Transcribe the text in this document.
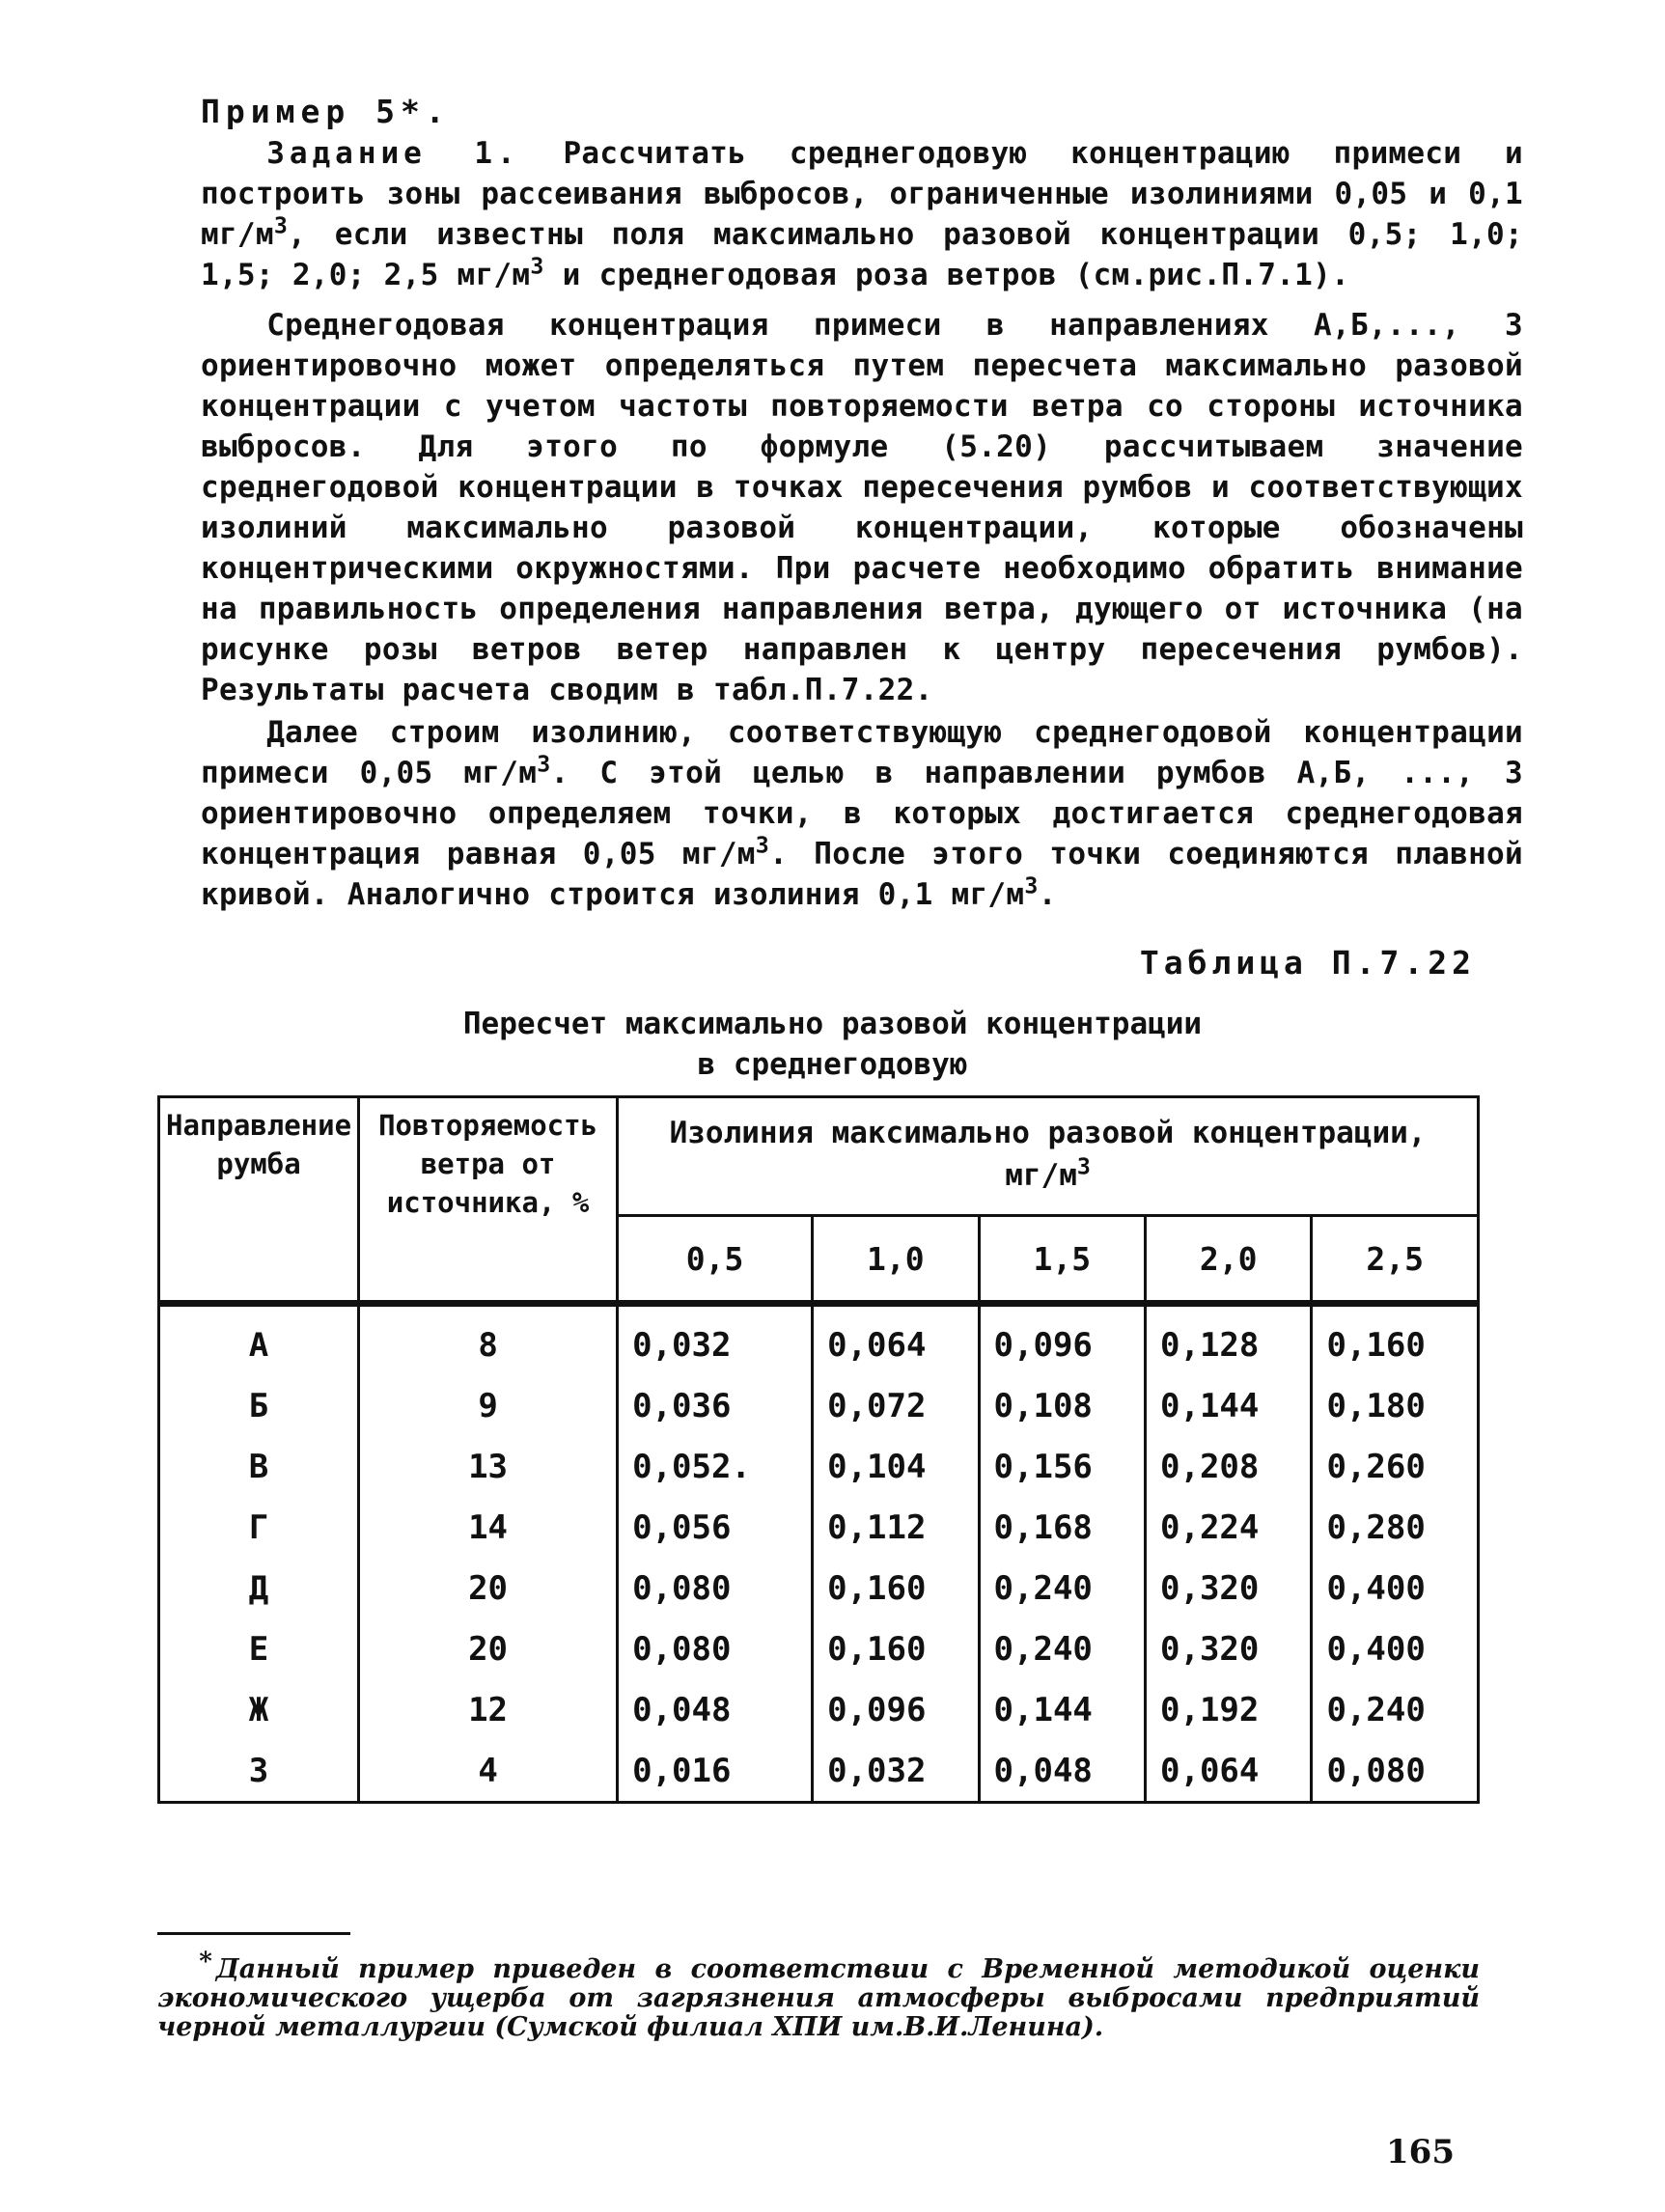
Пример 5*.

Задание 1. Рассчитать среднегодовую концентрацию примеси и построить зоны рассеивания выбросов, ограниченные изолиниями 0,05 и 0,1 $мг/м^3$, если известны поля максимально разовой концентрации 0,5; 1,0; 1,5; 2,0; 2,5 $мг/м^3$ и среднегодовая роза ветров (см.рис.П.7.1).

Среднегодовая концентрация примеси в направлениях А,Б,..., З ориентировочно может определяться путем пересчета максимально разовой концентрации с учетом частоты повторяемости ветра со стороны источника выбросов. Для этого по формуле (5.20) рассчитываем значение среднегодовой концентрации в точках пересечения румбов и соответствующих изолиний максимально разовой концентрации, которые обозначены концентрическими окружностями. При расчете необходимо обратить внимание на правильность определения направления ветра, дующего от источника (на рисунке розы ветров ветер направлен к центру пересечения румбов). Результаты расчета сводим в табл.П.7.22.

Далее строим изолинию, соответствующую среднегодовой концентрации примеси 0,05 $мг/м^3$. С этой целью в направлении румбов А,Б, ..., З ориентировочно определяем точки, в которых достигается среднегодовая концентрация равная 0,05 $мг/м^3$. После этого точки соединяются плавной кривой. Аналогично строится изолиния 0,1 $мг/м^3$.

Таблица П.7.22
Пересчет максимально разовой концентрации
в среднегодовую
Направление румба	Повторяемость ветра от источника, %	Изолиния максимально разовой концентрации,
$мг/м^3$

		0,5	1,0	1,5	2,0	2,5
А	8	0,032	0,064	0,096	0,128	0,160
Б	9	0,036	0,072	0,108	0,144	0,180
В	13	0,052.	0,104	0,156	0,208	0,260
Г	14	0,056	0,112	0,168	0,224	0,280
Д	20	0,080	0,160	0,240	0,320	0,400
Е	20	0,080	0,160	0,240	0,320	0,400
Ж	12	0,048	0,096	0,144	0,192	0,240
З	4	0,016	0,032	0,048	0,064	0,080

* Данный пример приведен в соответствии с Временной методикой оценки экономического ущерба от загрязнения атмосферы выбросами предприятий черной металлургии (Сумской филиал ХПИ им.В.И.Ленина).

165
